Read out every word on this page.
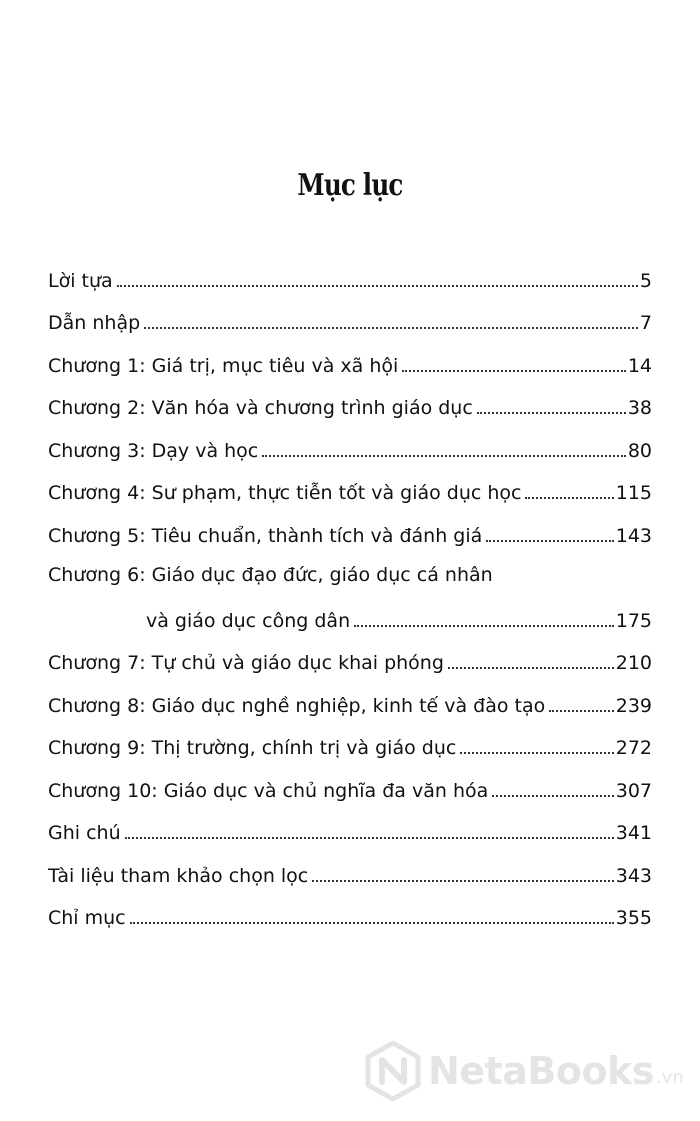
Mục lục
Lời tựa	5
Dẫn nhập	7
Chương 1: Giá trị, mục tiêu và xã hội	14
Chương 2: Văn hóa và chương trình giáo dục	38
Chương 3: Dạy và học	80
Chương 4: Sư phạm, thực tiễn tốt và giáo dục học	115
Chương 5: Tiêu chuẩn, thành tích và đánh giá	143
Chương 6: Giáo dục đạo đức, giáo dục cá nhân
và giáo dục công dân	175
Chương 7: Tự chủ và giáo dục khai phóng	210
Chương 8: Giáo dục nghề nghiệp, kinh tế và đào tạo	239
Chương 9: Thị trường, chính trị và giáo dục	272
Chương 10: Giáo dục và chủ nghĩa đa văn hóa	307
Ghi chú	341
Tài liệu tham khảo chọn lọc	343
Chỉ mục	355
NetaBooks .vn
